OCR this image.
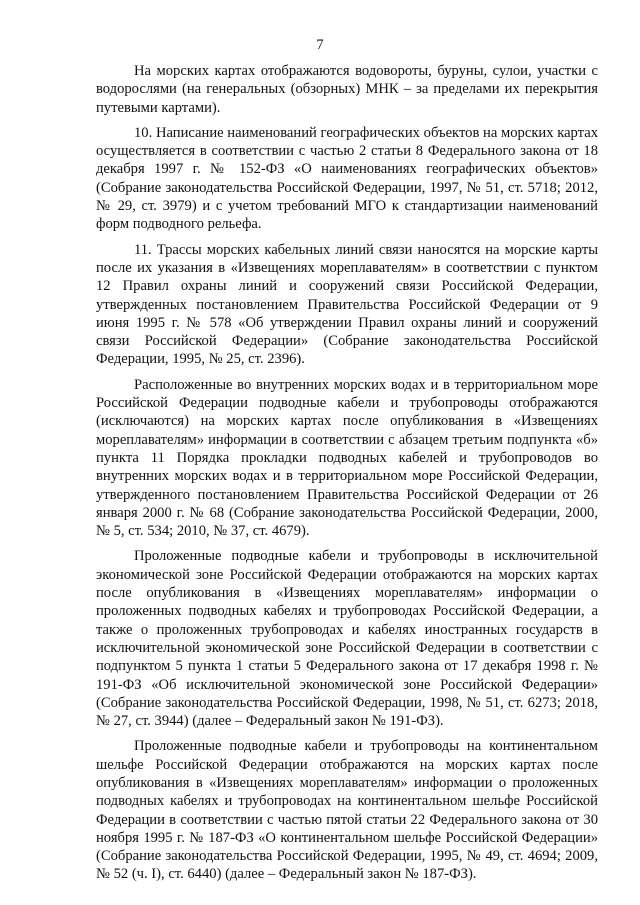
7

На морских картах отображаются водовороты, буруны, сулои, участки с водорослями (на генеральных (обзорных) МНК – за пределами их перекрытия путевыми картами).

10. Написание наименований географических объектов на морских картах осуществляется в соответствии с частью 2 статьи 8 Федерального закона от 18 декабря 1997 г. № 152-ФЗ «О наименованиях географических объектов» (Собрание законодательства Российской Федерации, 1997, № 51, ст. 5718; 2012, № 29, ст. 3979) и с учетом требований МГО к стандартизации наименований форм подводного рельефа.

11. Трассы морских кабельных линий связи наносятся на морские карты после их указания в «Извещениях мореплавателям» в соответствии с пунктом 12 Правил охраны линий и сооружений связи Российской Федерации, утвержденных постановлением Правительства Российской Федерации от 9 июня 1995 г. № 578 «Об утверждении Правил охраны линий и сооружений связи Российской Федерации» (Собрание законодательства Российской Федерации, 1995, № 25, ст. 2396).

Расположенные во внутренних морских водах и в территориальном море Российской Федерации подводные кабели и трубопроводы отображаются (исключаются) на морских картах после опубликования в «Извещениях мореплавателям» информации в соответствии с абзацем третьим подпункта «б» пункта 11 Порядка прокладки подводных кабелей и трубопроводов во внутренних морских водах и в территориальном море Российской Федерации, утвержденного постановлением Правительства Российской Федерации от 26 января 2000 г. № 68 (Собрание законодательства Российской Федерации, 2000, № 5, ст. 534; 2010, № 37, ст. 4679).

Проложенные подводные кабели и трубопроводы в исключительной экономической зоне Российской Федерации отображаются на морских картах после опубликования в «Извещениях мореплавателям» информации о проложенных подводных кабелях и трубопроводах Российской Федерации, а также о проложенных трубопроводах и кабелях иностранных государств в исключительной экономической зоне Российской Федерации в соответствии с подпунктом 5 пункта 1 статьи 5 Федерального закона от 17 декабря 1998 г. № 191-ФЗ «Об исключительной экономической зоне Российской Федерации» (Собрание законодательства Российской Федерации, 1998, № 51, ст. 6273; 2018, № 27, ст. 3944) (далее – Федеральный закон № 191-ФЗ).

Проложенные подводные кабели и трубопроводы на континентальном шельфе Российской Федерации отображаются на морских картах после опубликования в «Извещениях мореплавателям» информации о проложенных подводных кабелях и трубопроводах на континентальном шельфе Российской Федерации в соответствии с частью пятой статьи 22 Федерального закона от 30 ноября 1995 г. № 187-ФЗ «О континентальном шельфе Российской Федерации» (Собрание законодательства Российской Федерации, 1995, № 49, ст. 4694; 2009, № 52 (ч. I), ст. 6440) (далее – Федеральный закон № 187-ФЗ).
